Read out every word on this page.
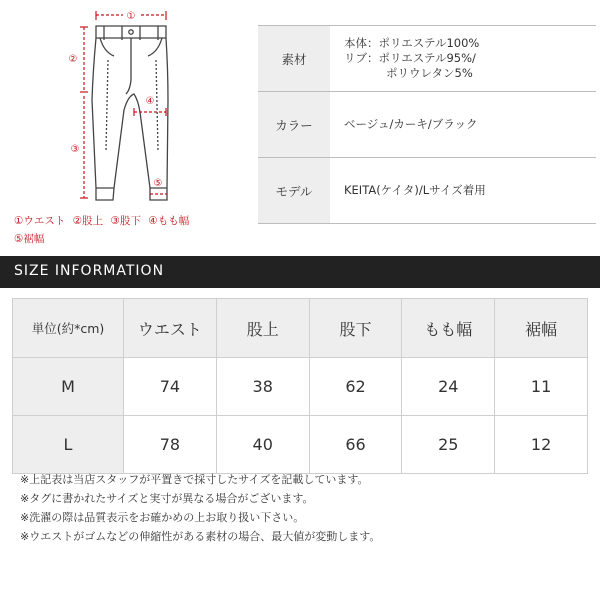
①
②
③
④
⑤
①ウエスト ②股上 ③股下 ④もも幅
⑤裾幅
素材	本体：ポリエステル100%
リブ：ポリエステル95%/
ポリウレタン5%

カラー	ベージュ/カーキ/ブラック
モデル	KEITA(ケイタ)/Lサイズ着用
SIZE INFORMATION
単位(約*cm)	ウエスト	股上	股下	もも幅	裾幅
M	74	38	62	24	11
L	78	40	66	25	12
※上記表は当店スタッフが平置きで採寸したサイズを記載しています。
※タグに書かれたサイズと実寸が異なる場合がございます。
※洗濯の際は品質表示をお確かめの上お取り扱い下さい。
※ウエストがゴムなどの伸縮性がある素材の場合、最大値が変動します。
